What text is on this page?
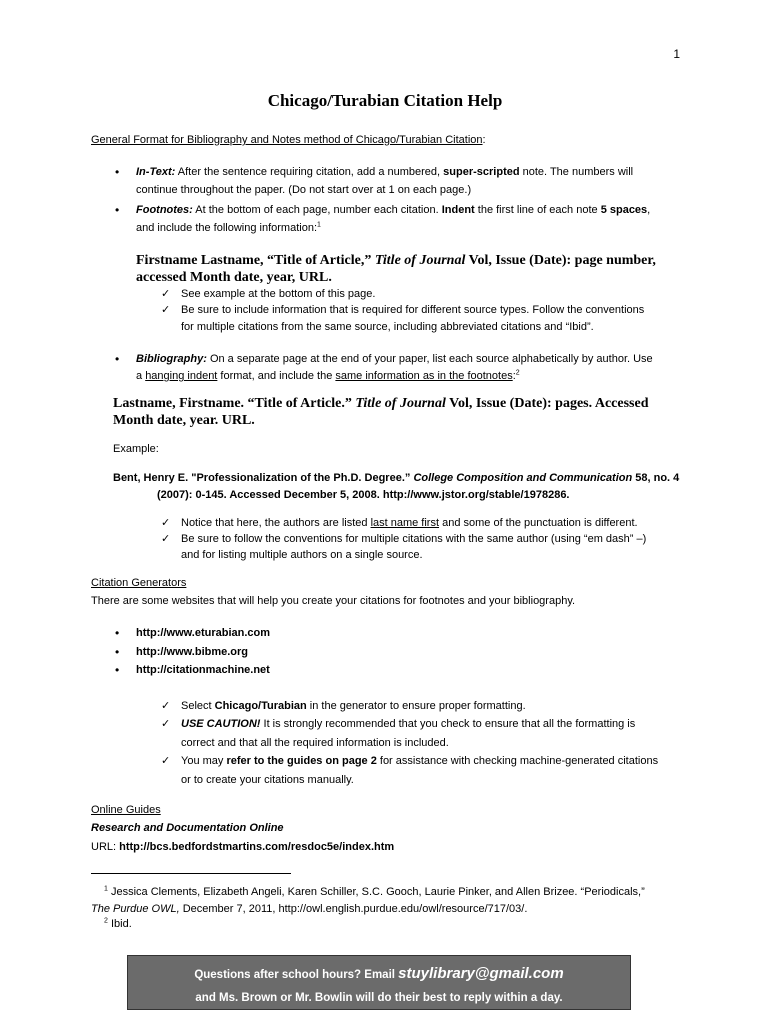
1
Chicago/Turabian Citation Help
General Format for Bibliography and Notes method of Chicago/Turabian Citation:
• In-Text: After the sentence requiring citation, add a numbered, super-scripted note. The numbers will
continue throughout the paper. (Do not start over at 1 on each page.)
• Footnotes: At the bottom of each page, number each citation. Indent the first line of each note 5 spaces,
and include the following information:$^1$
Firstname Lastname, “Title of Article,” Title of Journal Vol, Issue (Date): page number,
accessed Month date, year, URL.
✓ See example at the bottom of this page.
✓ Be sure to include information that is required for different source types. Follow the conventions
for multiple citations from the same source, including abbreviated citations and “Ibid”.
• Bibliography: On a separate page at the end of your paper, list each source alphabetically by author. Use
a hanging indent format, and include the same information as in the footnotes:$^2$
Lastname, Firstname. “Title of Article.” Title of Journal Vol, Issue (Date): pages. Accessed
Month date, year. URL.
Example:
Bent, Henry E. "Professionalization of the Ph.D. Degree.” College Composition and Communication 58, no. 4
(2007): 0-145. Accessed December 5, 2008. http://www.jstor.org/stable/1978286.
✓ Notice that here, the authors are listed last name first and some of the punctuation is different.
✓ Be sure to follow the conventions for multiple citations with the same author (using “em dash” –)
and for listing multiple authors on a single source.
Citation Generators
There are some websites that will help you create your citations for footnotes and your bibliography.
• http://www.eturabian.com
• http://www.bibme.org
• http://citationmachine.net
✓ Select Chicago/Turabian in the generator to ensure proper formatting.
✓ USE CAUTION! It is strongly recommended that you check to ensure that all the formatting is
correct and that all the required information is included.
✓ You may refer to the guides on page 2 for assistance with checking machine-generated citations
or to create your citations manually.
Online Guides
Research and Documentation Online
URL: http://bcs.bedfordstmartins.com/resdoc5e/index.htm
$^1$ Jessica Clements, Elizabeth Angeli, Karen Schiller, S.C. Gooch, Laurie Pinker, and Allen Brizee. “Periodicals,”
The Purdue OWL, December 7, 2011, http://owl.english.purdue.edu/owl/resource/717/03/.
$^2$ Ibid.
Questions after school hours? Email stuylibrary@gmail.com
and Ms. Brown or Mr. Bowlin will do their best to reply within a day.
